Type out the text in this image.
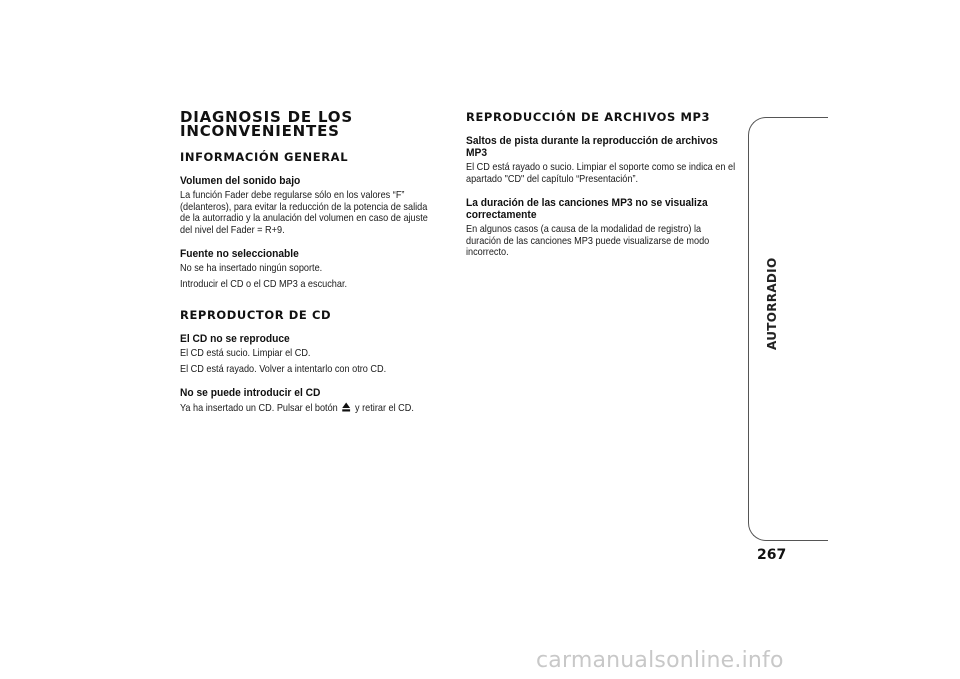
DIAGNOSIS DE LOS INCONVENIENTES
INFORMACIÓN GENERAL
Volumen del sonido bajo
La función Fader debe regularse sólo en los valores “F” (delanteros), para evitar la reducción de la potencia de salida de la autorradio y la anulación del volumen en caso de ajuste del nivel del Fader = R+9.
Fuente no seleccionable
No se ha insertado ningún soporte.
Introducir el CD o el CD MP3 a escuchar.
REPRODUCTOR DE CD
El CD no se reproduce
El CD está sucio. Limpiar el CD.
El CD está rayado. Volver a intentarlo con otro CD.
No se puede introducir el CD
Ya ha insertado un CD. Pulsar el botón y retirar el CD.
REPRODUCCIÓN DE ARCHIVOS MP3
Saltos de pista durante la reproducción de archivos MP3
El CD está rayado o sucio. Limpiar el soporte como se indica en el apartado "CD" del capítulo “Presentación”.
La duración de las canciones MP3 no se visualiza correctamente
En algunos casos (a causa de la modalidad de registro) la duración de las canciones MP3 puede visualizarse de modo incorrecto.
AUTORRADIO
267
carmanualsonline.info
